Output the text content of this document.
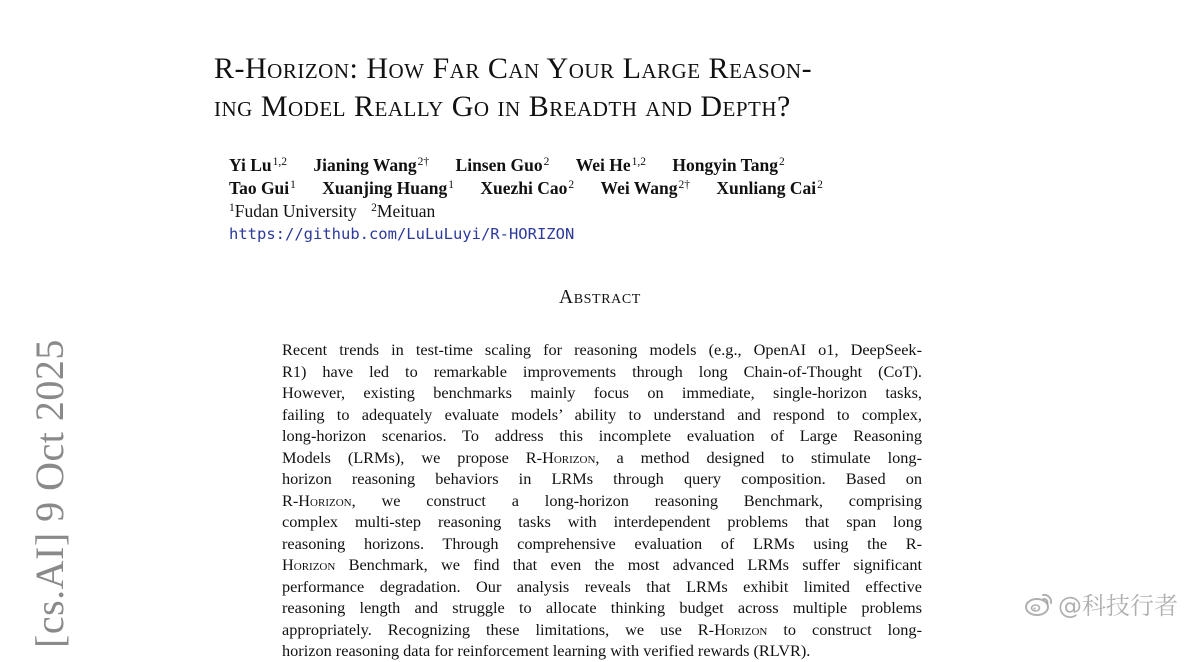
R-Horizon: How Far Can Your Large Reason-
ing Model Really Go in Breadth and Depth?
Yi Lu$^{1,2}$ Jianing Wang$^{2\dagger}$ Linsen Guo$^2$ Wei He$^{1,2}$ Hongyin Tang$^2$
Tao Gui$^1$ Xuanjing Huang$^1$ Xuezhi Cao$^2$ Wei Wang$^{2\dagger}$ Xunliang Cai$^2$
$^1$Fudan University $^2$Meituan
https://github.com/LuLuLuyi/R-HORIZON
Abstract
Recent trends in test-time scaling for reasoning models (e.g., OpenAI o1, DeepSeek-
R1) have led to remarkable improvements through long Chain-of-Thought (CoT).
However, existing benchmarks mainly focus on immediate, single-horizon tasks,
failing to adequately evaluate models’ ability to understand and respond to complex,
long-horizon scenarios. To address this incomplete evaluation of Large Reasoning
Models (LRMs), we propose R-Horizon, a method designed to stimulate long-
horizon reasoning behaviors in LRMs through query composition. Based on
R-Horizon, we construct a long-horizon reasoning Benchmark, comprising
complex multi-step reasoning tasks with interdependent problems that span long
reasoning horizons. Through comprehensive evaluation of LRMs using the R-
Horizon Benchmark, we find that even the most advanced LRMs suffer significant
performance degradation. Our analysis reveals that LRMs exhibit limited effective
reasoning length and struggle to allocate thinking budget across multiple problems
appropriately. Recognizing these limitations, we use R-Horizon to construct long-
horizon reasoning data for reinforcement learning with verified rewards (RLVR).
[cs.AI] 9 Oct 2025	@科技行者
